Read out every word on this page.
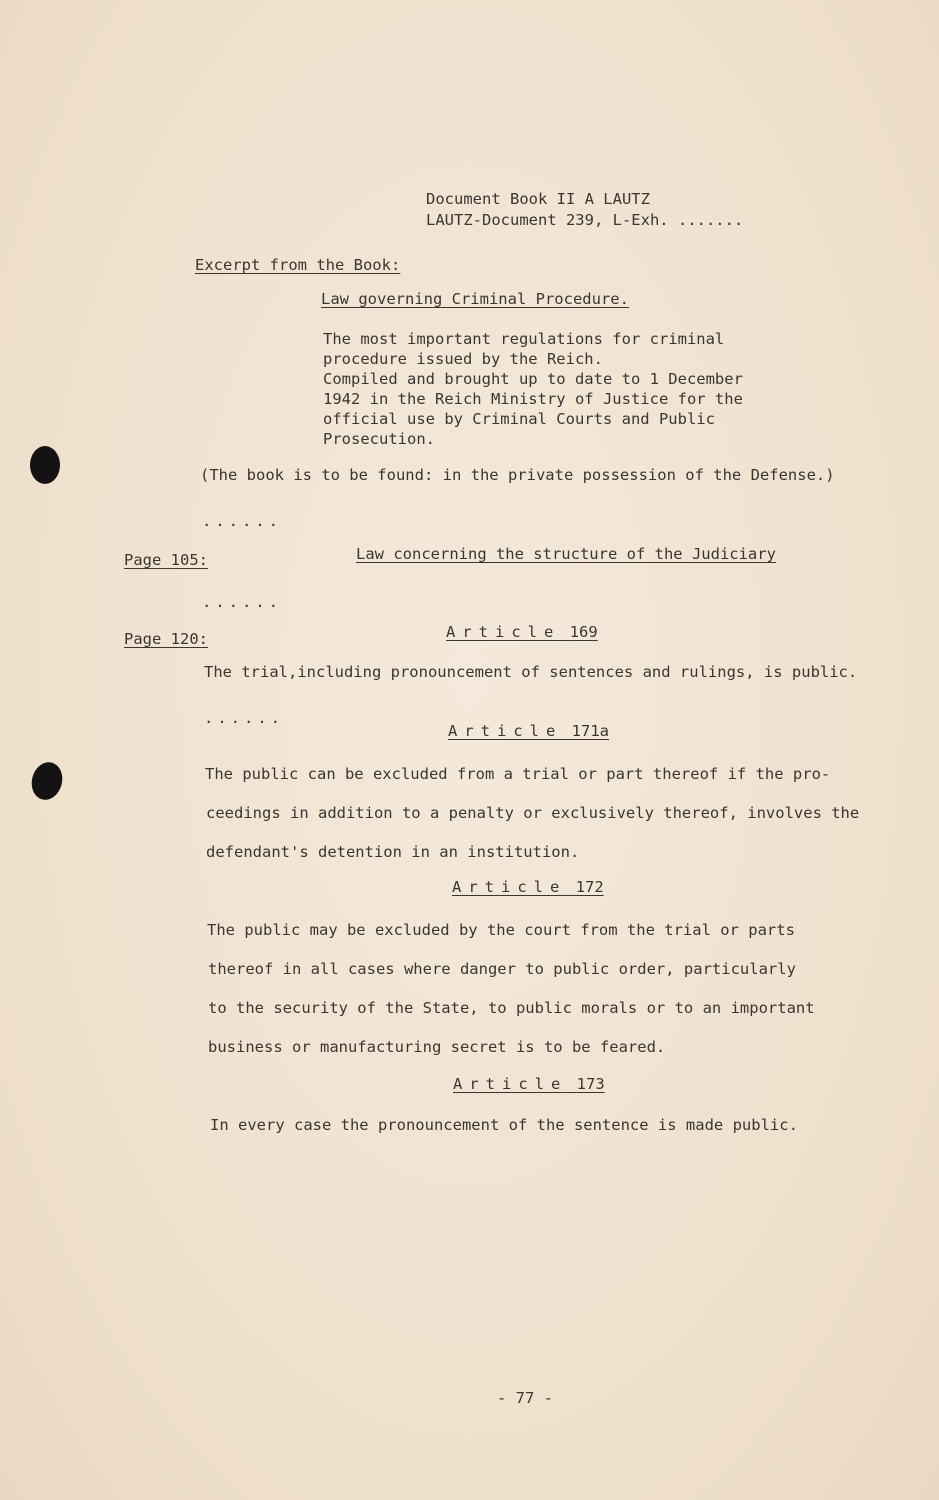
Document Book II A LAUTZ
LAUTZ-Document 239, L-Exh. .......
Excerpt from the Book:
Law governing Criminal Procedure.
The most important regulations for criminal
procedure issued by the Reich.
Compiled and brought up to date to 1 December
1942 in the Reich Ministry of Justice for the
official use by Criminal Courts and Public
Prosecution.
(The book is to be found: in the private possession of the Defense.)
......
Page 105:	Law concerning the structure of the Judiciary
......
Page 120:	Article 169
The trial,including pronouncement of sentences and rulings, is public.
......
Article 171a
The public can be excluded from a trial or part thereof if the pro-
ceedings in addition to a penalty or exclusively thereof, involves the
defendant's detention in an institution.
Article 172
The public may be excluded by the court from the trial or parts
thereof in all cases where danger to public order, particularly
to the security of the State, to public morals or to an important
business or manufacturing secret is to be feared.
Article 173
In every case the pronouncement of the sentence is made public.
- 77 -
